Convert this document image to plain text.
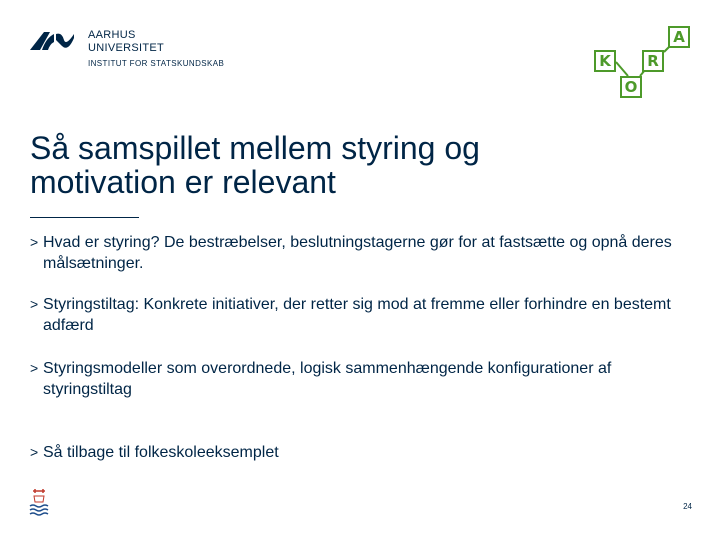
AARHUS
UNIVERSITET
INSTITUT FOR STATSKUNDSKAB	K
O
R
A
Så samspillet mellem styring og motivation er relevant
> Hvad er styring? De bestræbelser, beslutningstagerne gør for at fastsætte og opnå deres målsætninger.
> Styringstiltag: Konkrete initiativer, der retter sig mod at fremme eller forhindre en bestemt adfærd
> Styringsmodeller som overordnede, logisk sammenhængende konfigurationer af styringstiltag
> Så tilbage til folkeskoleeksemplet
24
